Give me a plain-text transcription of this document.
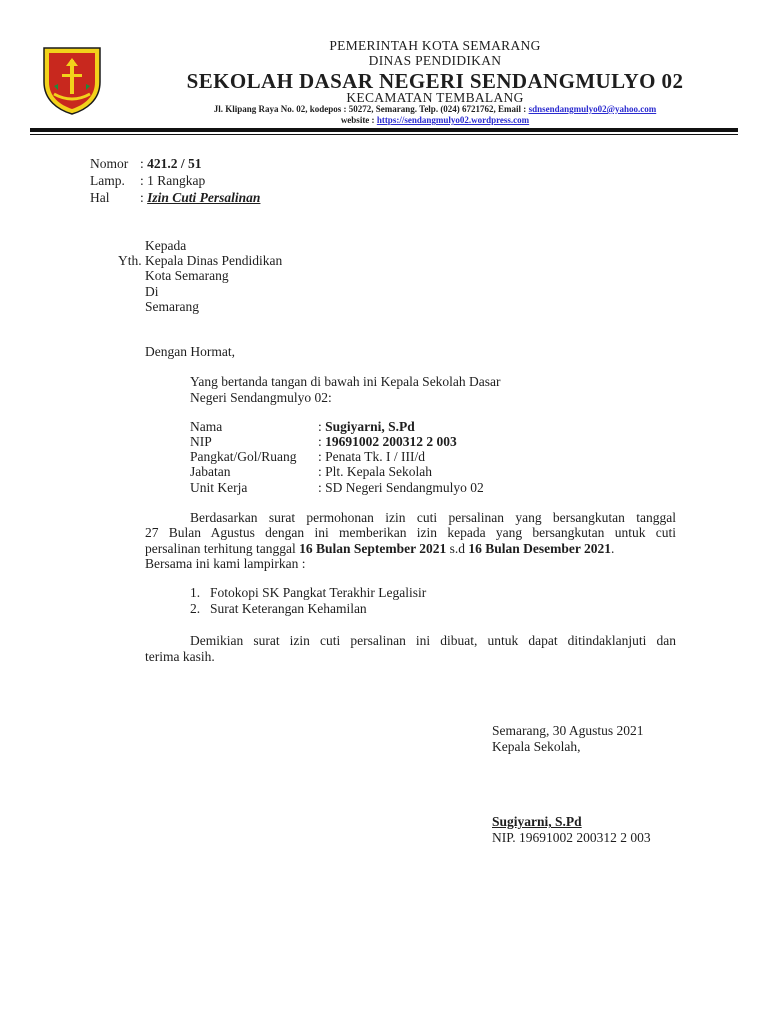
PEMERINTAH KOTA SEMARANG
DINAS PENDIDIKAN
SEKOLAH DASAR NEGERI SENDANGMULYO 02
KECAMATAN TEMBALANG
Jl. Klipang Raya No. 02, kodepos : 50272, Semarang. Telp. (024) 6721762, Email : sdnsendangmulyo02@yahoo.com
website : https://sendangmulyo02.wordpress.com
Nomor : 421.2 / 51
Lamp. : 1 Rangkap
Hal : Izin Cuti Persalinan
Kepada
Yth. Kepala Dinas Pendidikan
Kota Semarang
Di
Semarang
Dengan Hormat,
Yang bertanda tangan di bawah ini Kepala Sekolah Dasar
Negeri Sendangmulyo 02:
Nama	: Sugiyarni, S.Pd
NIP	: 19691002 200312 2 003
Pangkat/Gol/Ruang : Penata Tk. I / III/d
Jabatan	: Plt. Kepala Sekolah
Unit Kerja	: SD Negeri Sendangmulyo 02
Berdasarkan surat permohonan izin cuti persalinan yang bersangkutan tanggal
27 Bulan Agustus dengan ini memberikan izin kepada yang bersangkutan untuk cuti
persalinan terhitung tanggal 16 Bulan September 2021 s.d 16 Bulan Desember 2021.
Bersama ini kami lampirkan :
1. Fotokopi SK Pangkat Terakhir Legalisir
2. Surat Keterangan Kehamilan
Demikian surat izin cuti persalinan ini dibuat, untuk dapat ditindaklanjuti dan
terima kasih.
Semarang, 30 Agustus 2021
Kepala Sekolah,
Sugiyarni, S.Pd
NIP. 19691002 200312 2 003
